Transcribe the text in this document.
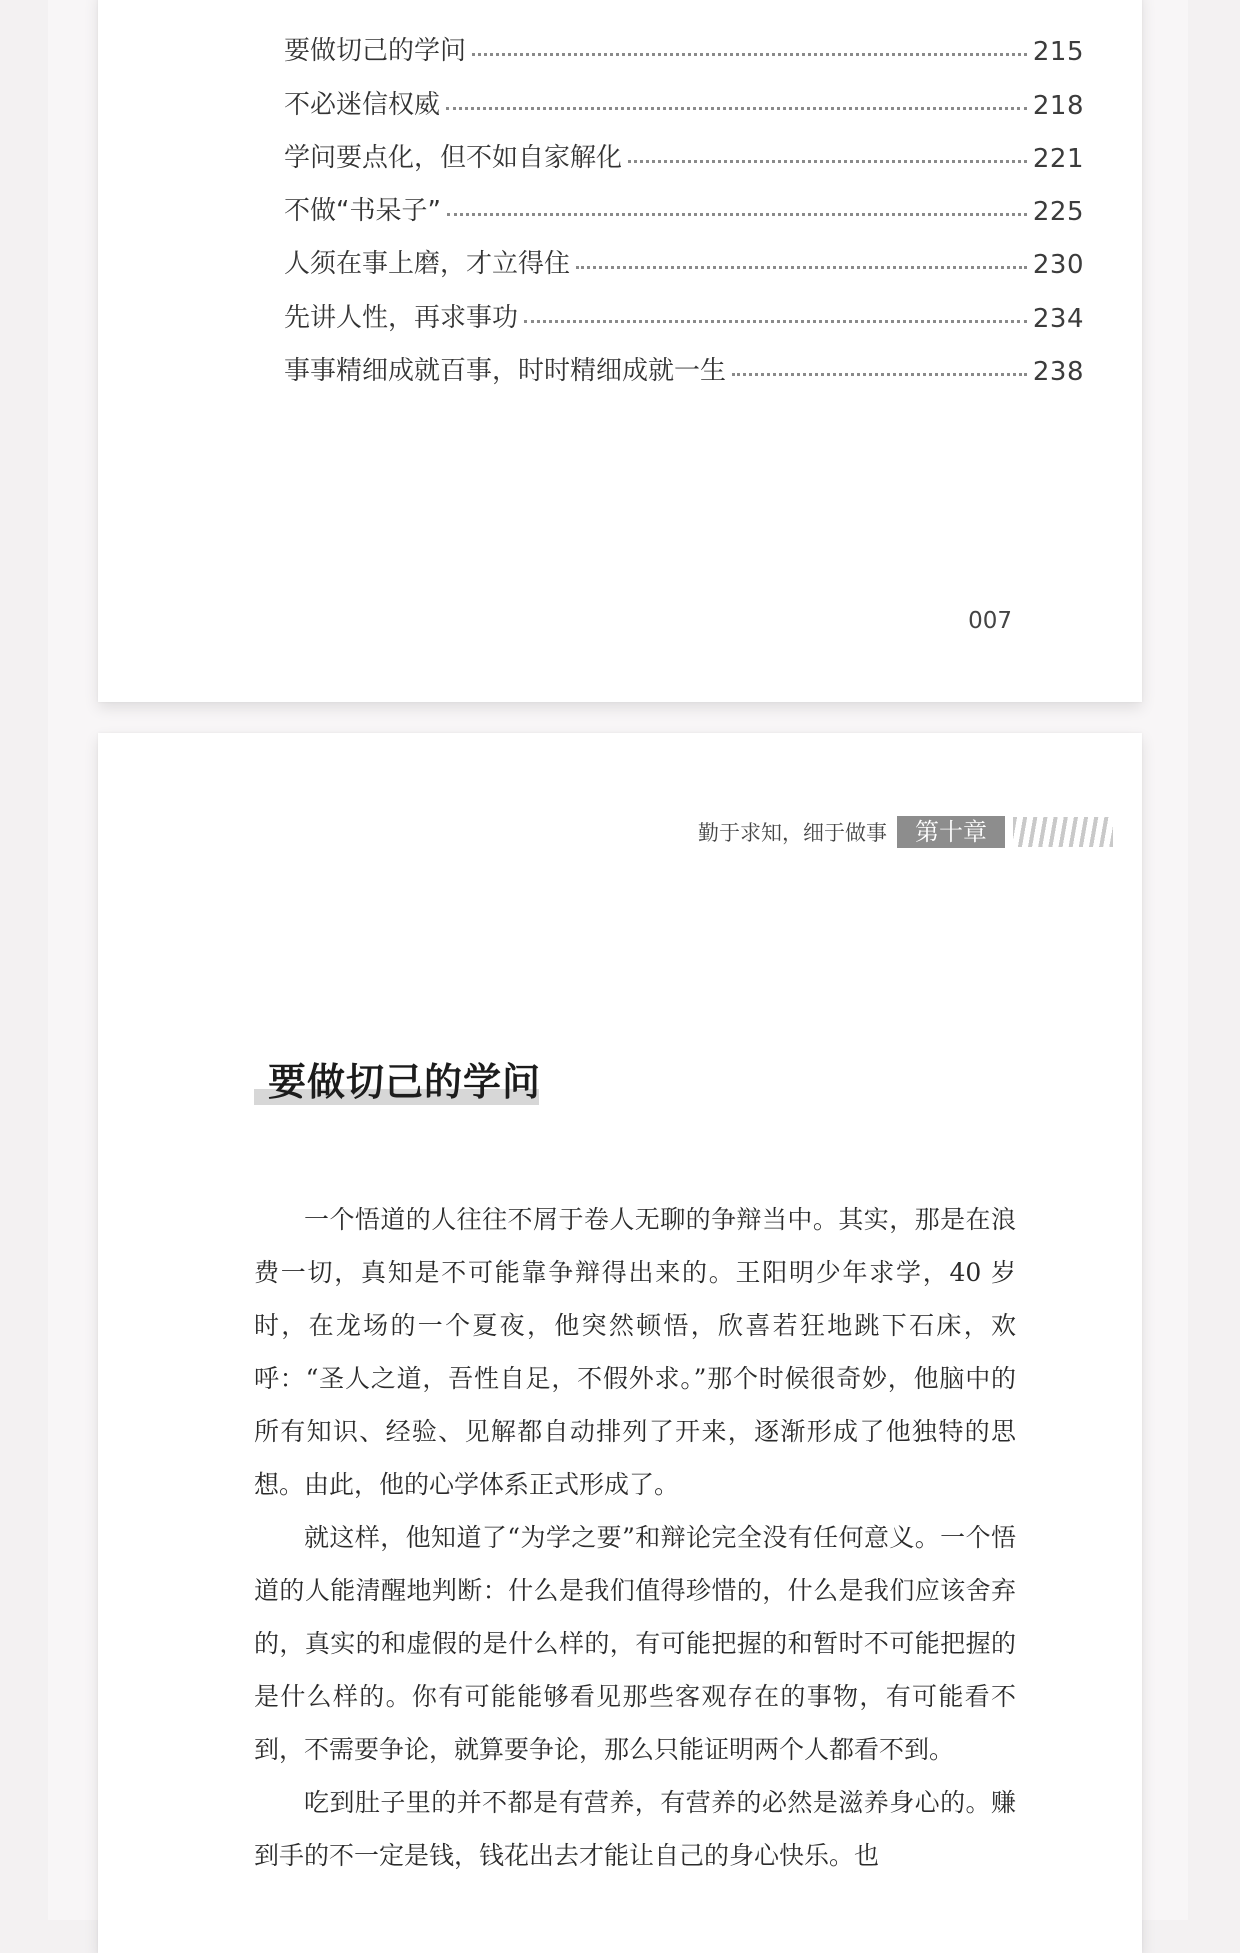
要做切己的学问	215
不必迷信权威	218
学问要点化，但不如自家解化	221
不做“书呆子”	225
人须在事上磨，才立得住	230
先讲人性，再求事功	234
事事精细成就百事，时时精细成就一生	238
007
勤于求知，细于做事	第十章
要做切己的学问

一个悟道的人往往不屑于卷人无聊的争辩当中。其实，那是在浪费一切，真知是不可能靠争辩得出来的。王阳明少年求学，40 岁时，在龙场的一个夏夜，他突然顿悟，欣喜若狂地跳下石床，欢呼：“圣人之道，吾性自足，不假外求。”那个时候很奇妙，他脑中的所有知识、经验、见解都自动排列了开来，逐渐形成了他独特的思想。由此，他的心学体系正式形成了。

就这样，他知道了“为学之要”和辩论完全没有任何意义。一个悟道的人能清醒地判断：什么是我们值得珍惜的，什么是我们应该舍弃的，真实的和虚假的是什么样的，有可能把握的和暂时不可能把握的是什么样的。你有可能能够看见那些客观存在的事物，有可能看不到，不需要争论，就算要争论，那么只能证明两个人都看不到。

吃到肚子里的并不都是有营养，有营养的必然是滋养身心的。赚到手的不一定是钱，钱花出去才能让自己的身心快乐。也
